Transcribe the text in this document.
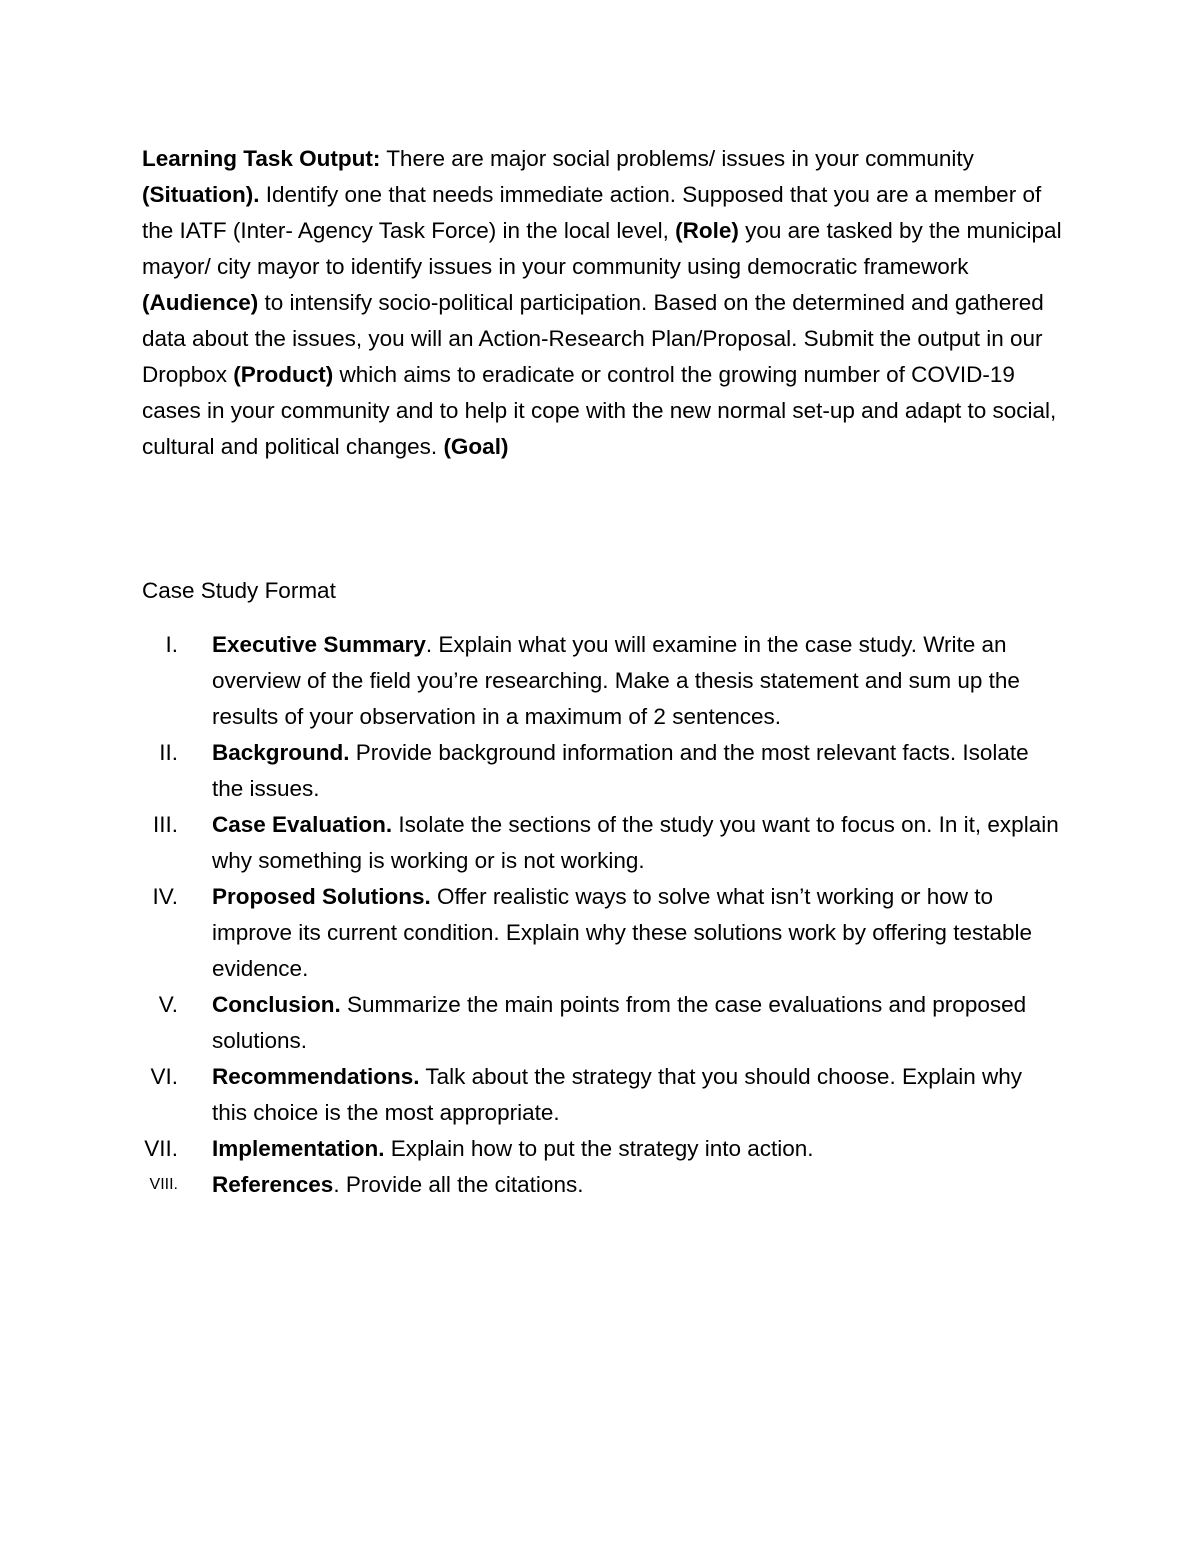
Learning Task Output: There are major social problems/ issues in your community (Situation). Identify one that needs immediate action. Supposed that you are a member of the IATF (Inter- Agency Task Force) in the local level, (Role) you are tasked by the municipal mayor/ city mayor to identify issues in your community using democratic framework (Audience) to intensify socio-political participation. Based on the determined and gathered data about the issues, you will an Action-Research Plan/Proposal. Submit the output in our Dropbox (Product) which aims to eradicate or control the growing number of COVID-19 cases in your community and to help it cope with the new normal set-up and adapt to social, cultural and political changes. (Goal)

Case Study Format

I. Executive Summary. Explain what you will examine in the case study. Write an overview of the field you’re researching. Make a thesis statement and sum up the results of your observation in a maximum of 2 sentences.
II. Background. Provide background information and the most relevant facts. Isolate the issues.
III. Case Evaluation. Isolate the sections of the study you want to focus on. In it, explain why something is working or is not working.
IV. Proposed Solutions. Offer realistic ways to solve what isn’t working or how to improve its current condition. Explain why these solutions work by offering testable evidence.
V. Conclusion. Summarize the main points from the case evaluations and proposed solutions.
VI. Recommendations. Talk about the strategy that you should choose. Explain why this choice is the most appropriate.
VII. Implementation. Explain how to put the strategy into action.
VIII. References. Provide all the citations.
